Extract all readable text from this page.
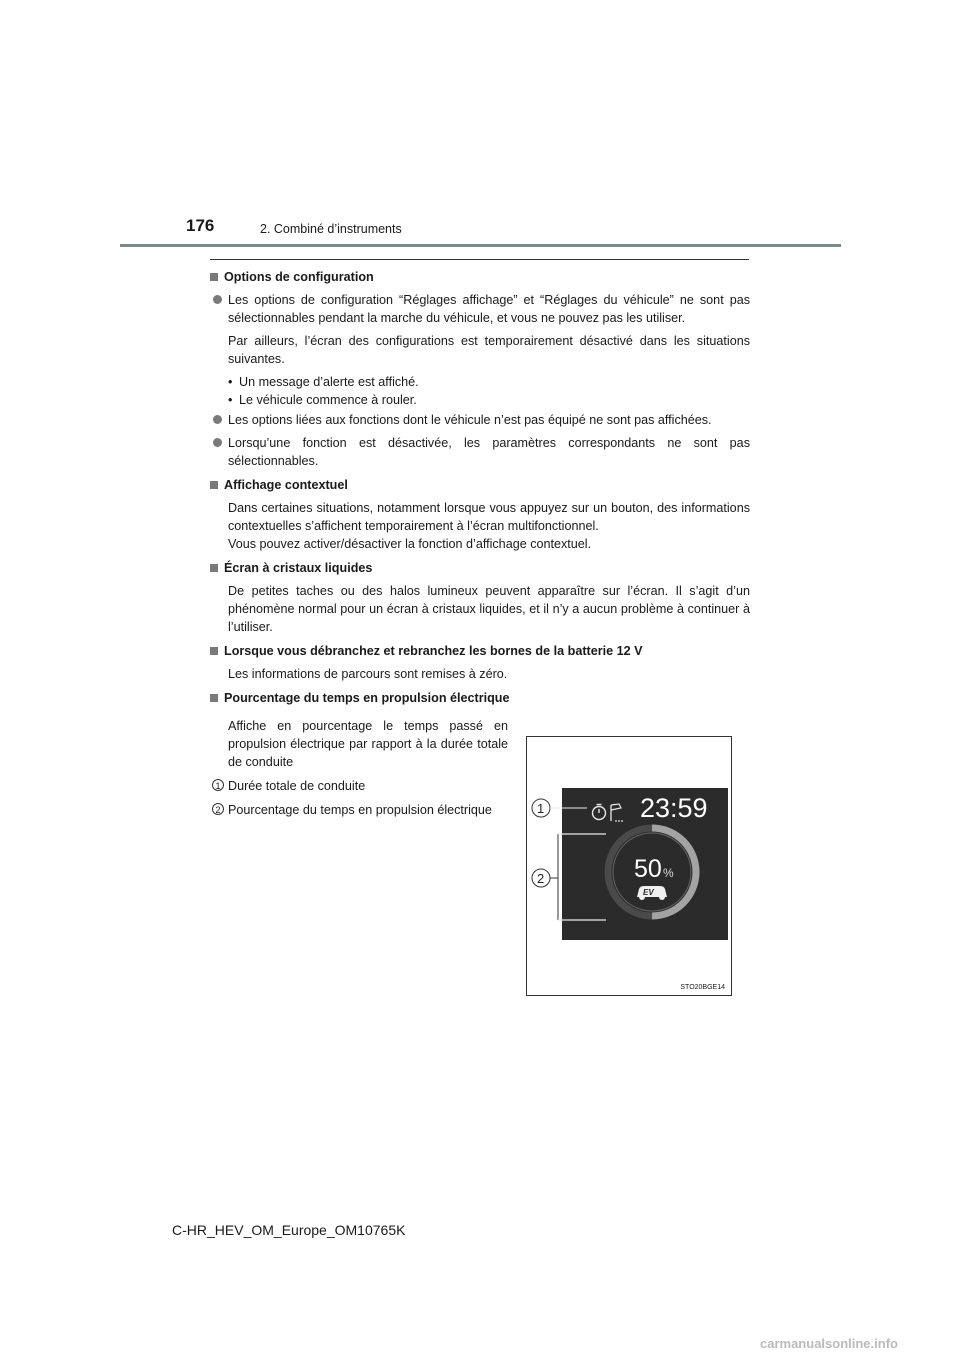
176	2. Combiné d’instruments
Options de configuration
Les options de configuration “Réglages affichage” et “Réglages du véhicule” ne sont pas sélectionnables pendant la marche du véhicule, et vous ne pouvez pas les utiliser.
Par ailleurs, l’écran des configurations est temporairement désactivé dans les situations suivantes.
• Un message d’alerte est affiché.
• Le véhicule commence à rouler.
Les options liées aux fonctions dont le véhicule n’est pas équipé ne sont pas affichées.
Lorsqu’une fonction est désactivée, les paramètres correspondants ne sont pas sélectionnables.
Affichage contextuel
Dans certaines situations, notamment lorsque vous appuyez sur un bouton, des informations contextuelles s’affichent temporairement à l’écran multifonctionnel.
Vous pouvez activer/désactiver la fonction d’affichage contextuel.
Écran à cristaux liquides
De petites taches ou des halos lumineux peuvent apparaître sur l’écran. Il s’agit d’un phénomène normal pour un écran à cristaux liquides, et il n’y a aucun problème à continuer à l’utiliser.
Lorsque vous débranchez et rebranchez les bornes de la batterie 12 V
Les informations de parcours sont remises à zéro.
Pourcentage du temps en propulsion électrique
Affiche en pourcentage le temps passé en propulsion électrique par rapport à la durée totale de conduite
1 Durée totale de conduite
2 Pourcentage du temps en propulsion électrique	23:59
50 %
EV
1
2
STO20BGE14
C-HR_HEV_OM_Europe_OM10765K
carmanualsonline.info
